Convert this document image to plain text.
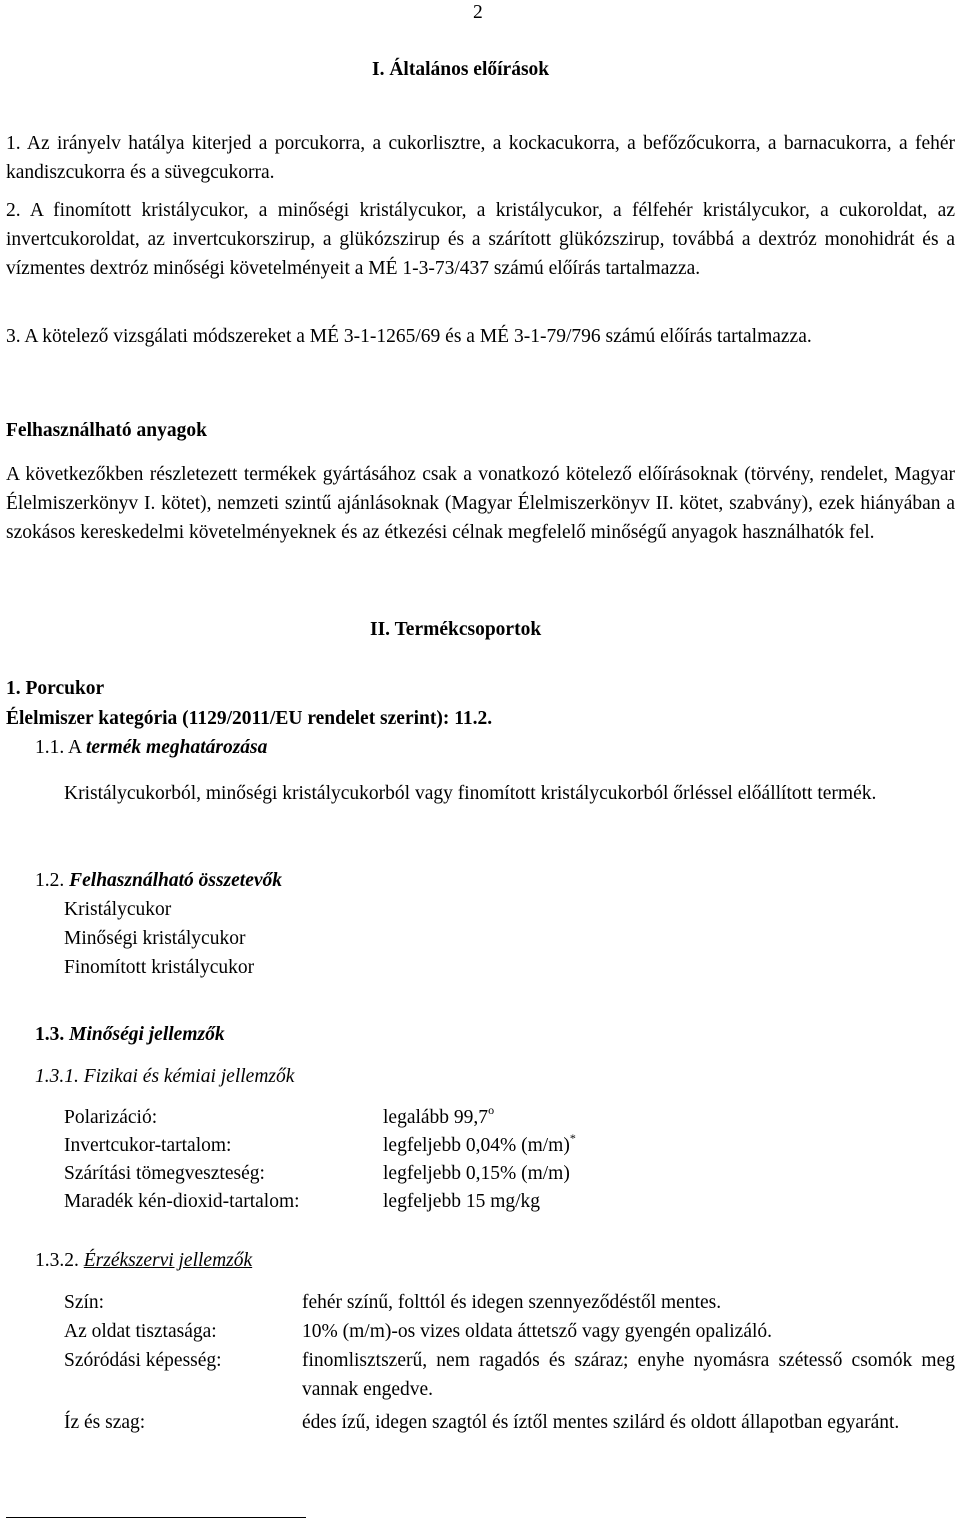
2
I. Általános előírások
1. Az irányelv hatálya kiterjed a porcukorra, a cukorlisztre, a kockacukorra, a befőzőcukorra, a barnacukorra, a fehér kandiszcukorra és a süvegcukorra.
2. A finomított kristálycukor, a minőségi kristálycukor, a kristálycukor, a félfehér kristálycukor, a cukoroldat, az invertcukoroldat, az invertcukorszirup, a glükózszirup és a szárított glükózszirup, továbbá a dextróz monohidrát és a vízmentes dextróz minőségi követelményeit a MÉ 1-3-73/437 számú előírás tartalmazza.
3. A kötelező vizsgálati módszereket a MÉ 3-1-1265/69 és a MÉ 3-1-79/796 számú előírás tartalmazza.
Felhasználható anyagok
A következőkben részletezett termékek gyártásához csak a vonatkozó kötelező előírásoknak (törvény, rendelet, Magyar Élelmiszerkönyv I. kötet), nemzeti szintű ajánlásoknak (Magyar Élelmiszerkönyv II. kötet, szabvány), ezek hiányában a szokásos kereskedelmi követelményeknek és az étkezési célnak megfelelő minőségű anyagok használhatók fel.
II. Termékcsoportok
1. Porcukor
Élelmiszer kategória (1129/2011/EU rendelet szerint): 11.2.
1.1. A termék meghatározása
Kristálycukorból, minőségi kristálycukorból vagy finomított kristálycukorból őrléssel előállított termék.
1.2. Felhasználható összetevők
Kristálycukor
Minőségi kristálycukor
Finomított kristálycukor
1.3. Minőségi jellemzők
1.3.1. Fizikai és kémiai jellemzők
Polarizáció:	legalább 99,7$^o$
Invertcukor-tartalom:	legfeljebb 0,04% (m/m)*
Szárítási tömegveszteség:	legfeljebb 0,15% (m/m)
Maradék kén-dioxid-tartalom:	legfeljebb 15 mg/kg
1.3.2. Érzékszervi jellemzők
Szín:	fehér színű, folttól és idegen szennyeződéstől mentes.
Az oldat tisztasága:	10% (m/m)-os vizes oldata áttetsző vagy gyengén opalizáló.
Szóródási képesség:	finomlisztszerű, nem ragadós és száraz; enyhe nyomásra szétesső csomók meg vannak engedve.
Íz és szag:	édes ízű, idegen szagtól és íztől mentes szilárd és oldott állapotban egyaránt.
